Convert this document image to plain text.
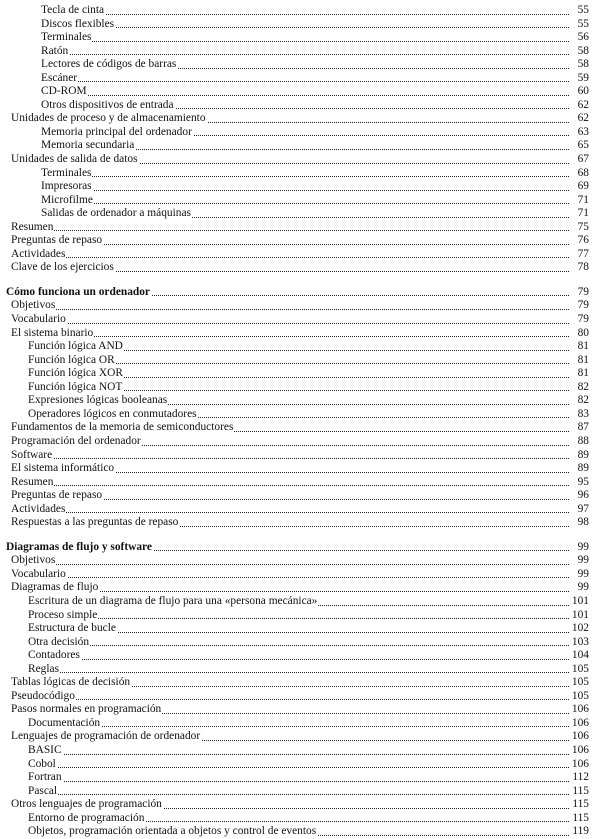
Tecla de cinta	55
Discos flexibles	55
Terminales	56
Ratón	58
Lectores de códigos de barras	58
Escáner	59
CD-ROM	60
Otros dispositivos de entrada	62
Unidades de proceso y de almacenamiento	62
Memoria principal del ordenador	63
Memoria secundaria	65
Unidades de salida de datos	67
Terminales	68
Impresoras	69
Microfilme	71
Salidas de ordenador a máquinas	71
Resumen	75
Preguntas de repaso	76
Actividades	77
Clave de los ejercicios	78
Cómo funciona un ordenador	79
Objetivos	79
Vocabulario	79
El sistema binario	80
Función lógica AND	81
Función lógica OR	81
Función lógica XOR	81
Función lógica NOT	82
Expresiones lógicas booleanas	82
Operadores lógicos en conmutadores	83
Fundamentos de la memoria de semiconductores	87
Programación del ordenador	88
Software	89
El sistema informático	89
Resumen	95
Preguntas de repaso	96
Actividades	97
Respuestas a las preguntas de repaso	98
Diagramas de flujo y software	99
Objetivos	99
Vocabulario	99
Diagramas de flujo	99
Escritura de un diagrama de flujo para una «persona mecánica»	101
Proceso simple	101
Estructura de bucle	102
Otra decisión	103
Contadores	104
Reglas	105
Tablas lógicas de decisión	105
Pseudocódigo	105
Pasos normales en programación	106
Documentación	106
Lenguajes de programación de ordenador	106
BASIC	106
Cobol	106
Fortran	112
Pascal	115
Otros lenguajes de programación	115
Entorno de programación	115
Objetos, programación orientada a objetos y control de eventos	119
